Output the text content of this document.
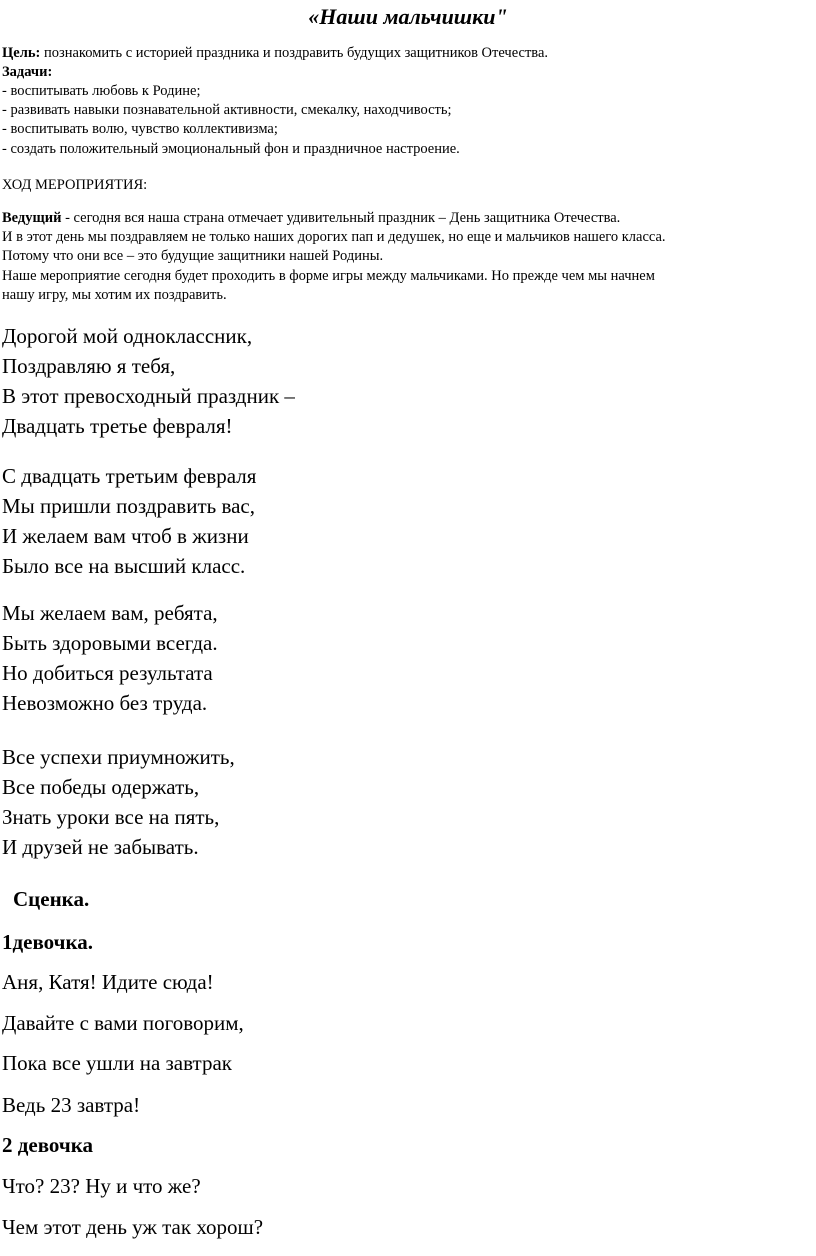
«Наши мальчишки"

Цель: познакомить с историей праздника и поздравить будущих защитников Отечества.

Задачи:

- воспитывать любовь к Родине;

- развивать навыки познавательной активности, смекалку, находчивость;

- воспитывать волю, чувство коллективизма;

- создать положительный эмоциональный фон и праздничное настроение.

ХОД МЕРОПРИЯТИЯ:

Ведущий - сегодня вся наша страна отмечает удивительный праздник – День защитника Отечества.

И в этот день мы поздравляем не только наших дорогих пап и дедушек, но еще и мальчиков нашего класса.

Потому что они все – это будущие защитники нашей Родины.

Наше мероприятие сегодня будет проходить в форме игры между мальчиками. Но прежде чем мы начнем

нашу игру, мы хотим их поздравить.

Дорогой мой одноклассник,
Поздравляю я тебя,
В этот превосходный праздник –
Двадцать третье февраля!
С двадцать третьим февраля
Мы пришли поздравить вас,
И желаем вам чтоб в жизни
Было все на высший класс.
Мы желаем вам, ребята,
Быть здоровыми всегда.
Но добиться результата
Невозможно без труда.
Все успехи приумножить,
Все победы одержать,
Знать уроки все на пять,
И друзей не забывать.

Сценка.

1девочка.

Аня, Катя! Идите сюда!

Давайте с вами поговорим,

Пока все ушли на завтрак

Ведь 23 завтра!

2 девочка

Что? 23? Ну и что же?

Чем этот день уж так хорош?
